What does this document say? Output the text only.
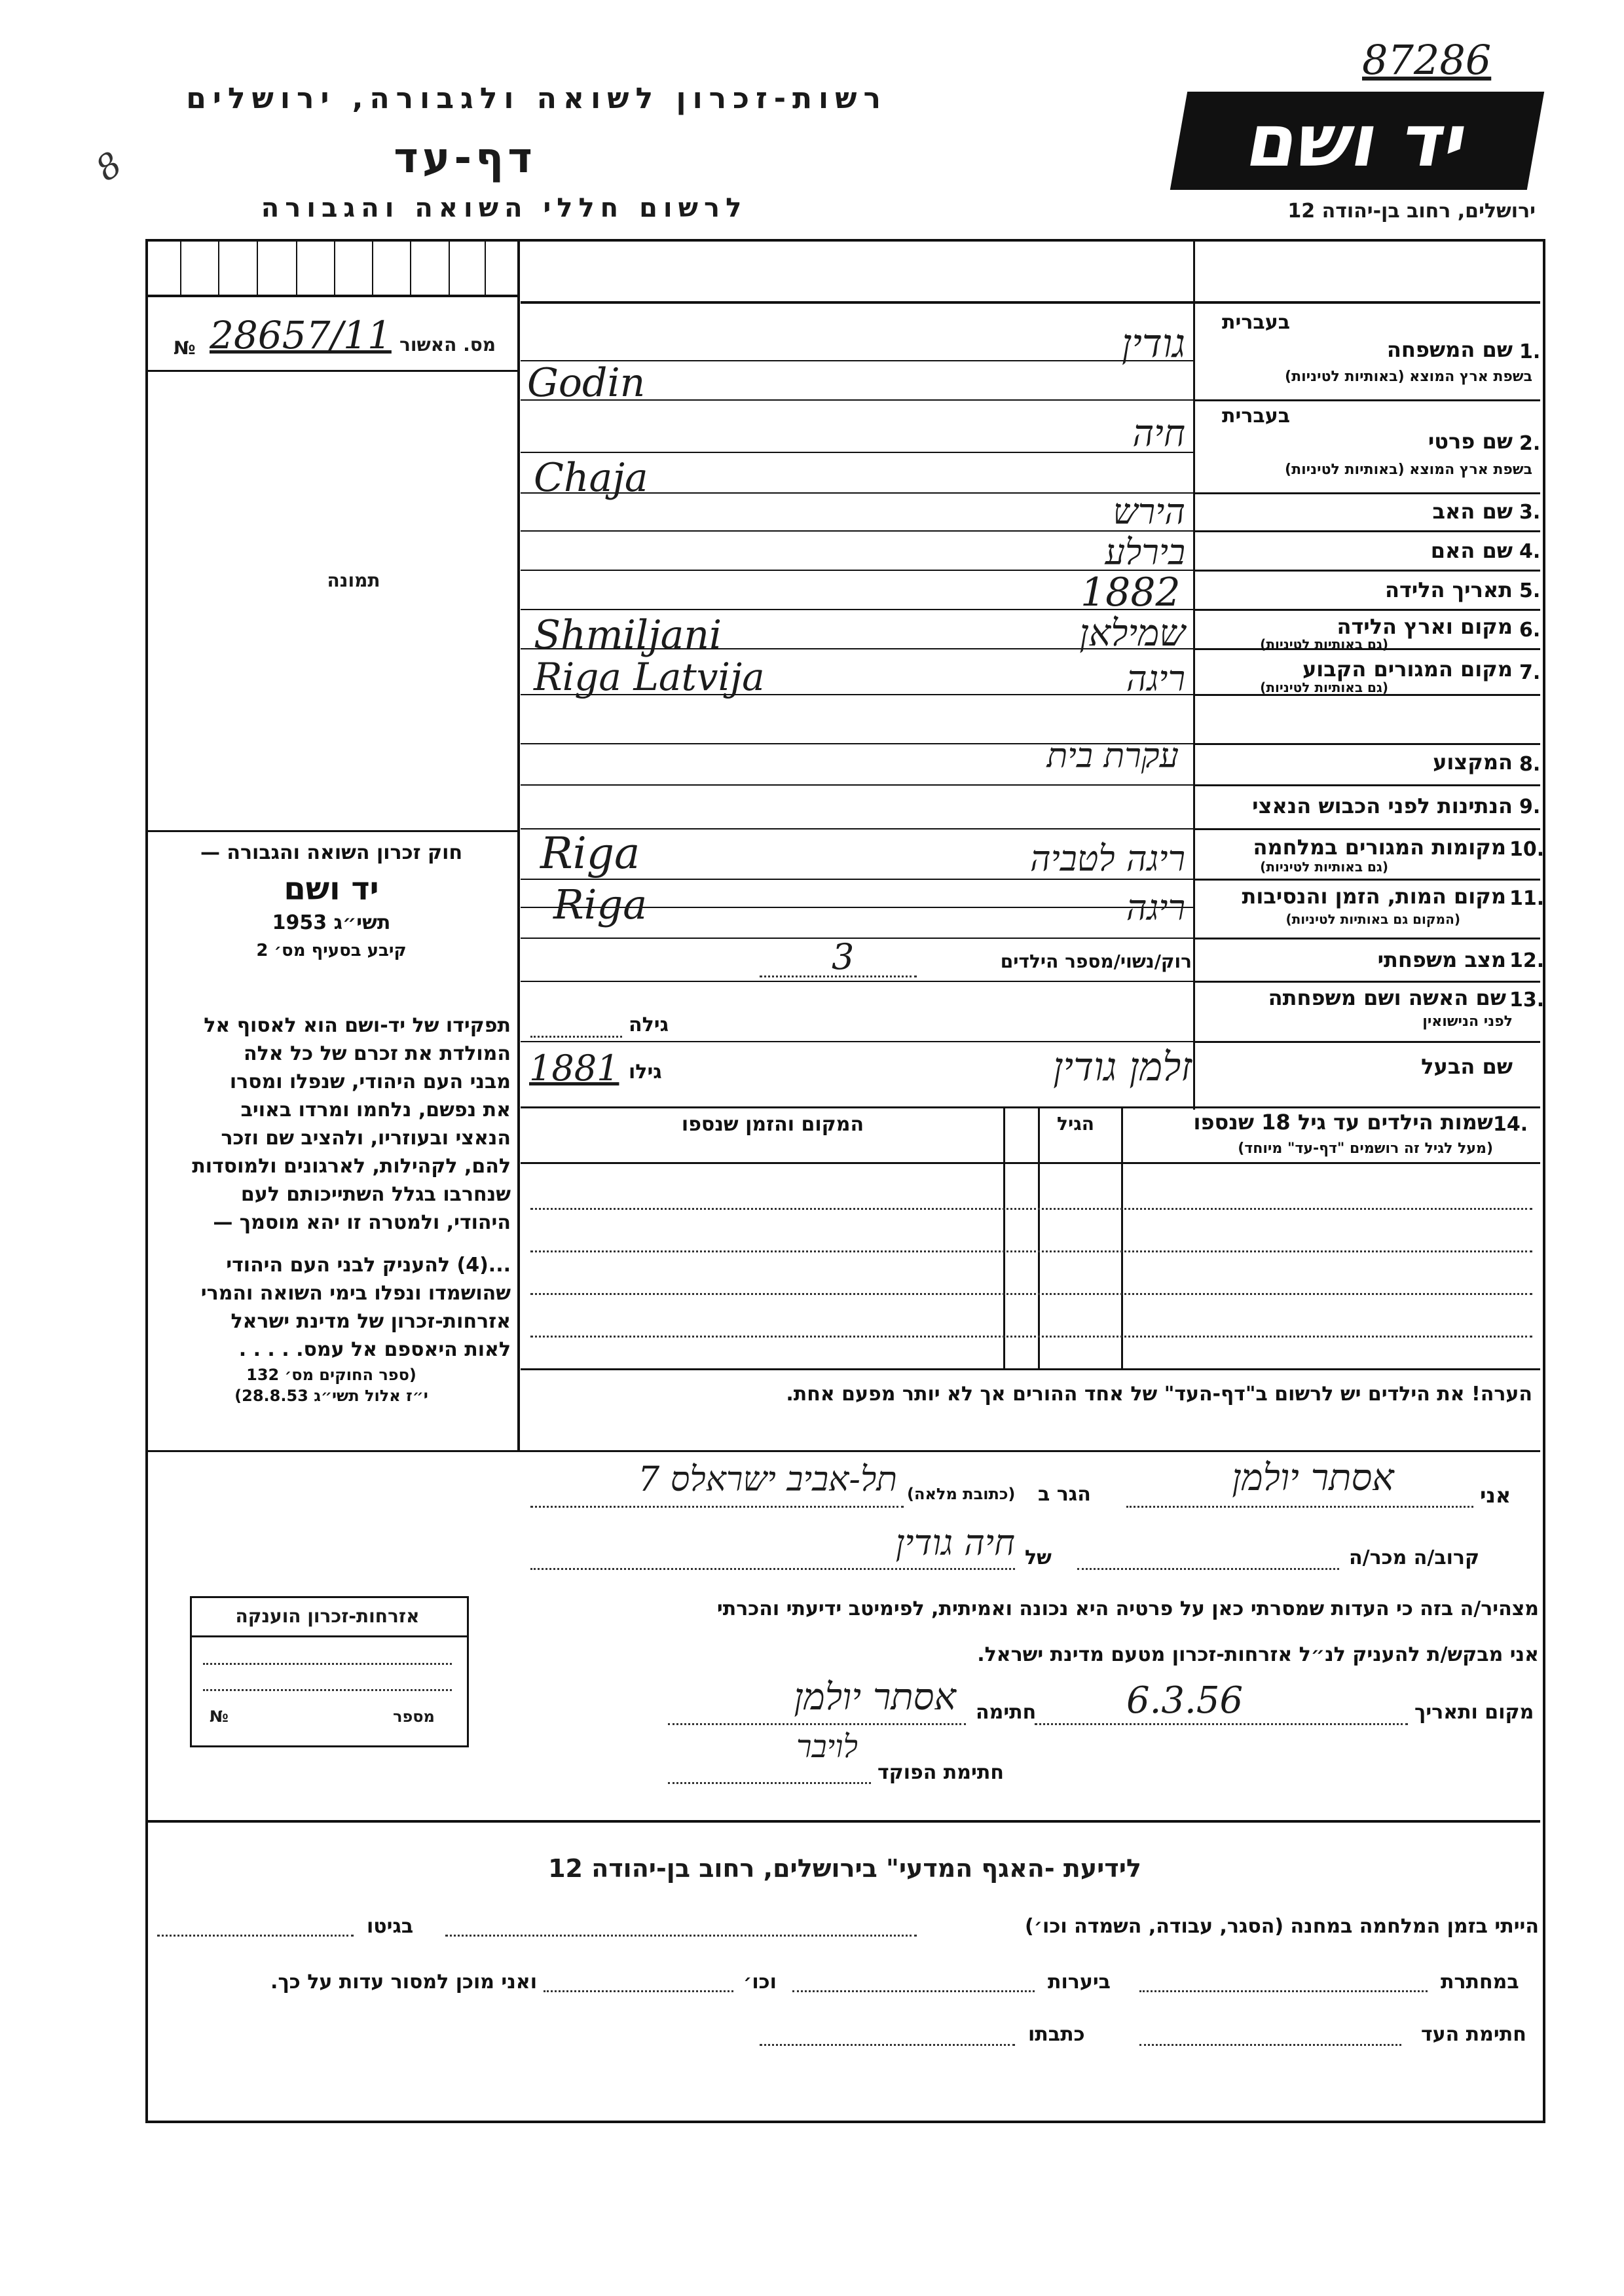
87286
רשות-זכרון לשואה ולגבורה, ירושלים
דף-עד
לרשום חללי השואה והגבורה
8	יד ושם
ירושלים, רחוב בן-יהודה 12
מס. האשור
28657/11
№
תמונה
חוק זכרון השואה והגבורה —
יד ושם
תשי״ג 1953
קיבע בסעיף מס׳ 2
תפקידו של יד-ושם הוא לאסוף אל
המולדת את זכרם של כל אלה
מבני העם היהודי, שנפלו ומסרו
את נפשם, נלחמו ומרדו באויב
הנאצי ובעוזריו, ולהציב שם וזכר
להם, לקהילות, לארגונים ולמוסדות
שנחרבו בגלל השתייכותם לעם
היהודי, ולמטרה זו יהא מוסמך —
...(4) להעניק לבני העם היהודי
שהושמדו ונפלו בימי השואה והמרי
אזרחות-זכרון של מדינת ישראל
לאות היאספם אל עמס. . . . .
(ספר החוקים מס׳ 132
י״ז אלול תשי״ג 28.8.53)
אזרחות-זכרון הוענקה
מספר
№
1.
בעברית
שם המשפחה
בשפת ארץ המוצא (באותיות לטיניות)
גודין
Godin
2.
בעברית
שם פרטי
בשפת ארץ המוצא (באותיות לטיניות)
חיה
Chaja
3.
שם האב
הירש
4.
שם האם
בירלע
5.
תאריך הלידה
1882
6.
מקום וארץ הלידה
(גם באותיות לטיניות)
שמילאן
Shmiljani
7.
מקום המגורים הקבוע
(גם באותיות לטיניות)
ריגה
Riga Latvija
8.
המקצוע
עקרת בית
9.
הנתינות לפני הכבוש הנאצי
10.
מקומות המגורים במלחמה
(גם באותיות לטיניות)
ריגה לטביה
Riga
11.
מקום המות, הזמן והנסיבות
(המקום גם באותיות לטיניות)
ריגה
Riga
12.
מצב משפחתי
רוק/נשוי/מספר הילדים
3
13.
שם האשה ושם משפחתה
לפני הנישואין
גילה
שם הבעל
גילו
1881	זלמן גודין
14.
שמות הילדים עד גיל 18 שנספו
(מעל לגיל זה רושמים "דף-עד" מיוחד)
הגיל
המקום והזמן שנספו
הערה! את הילדים יש לרשום ב"דף-העד" של אחד ההורים אך לא יותר מפעם אחת.
אני
אסתר יולמן
הגר ב
(כתובת מלאה)
תל-אביב ישראלס 7
קרוב/ה מכר/ה
של
חיה גודין
מצהיר/ה בזה כי העדות שמסרתי כאן על פרטיה היא נכונה ואמיתית, לפימיטב ידיעתי והכרתי
אני מבקש/ת להעניק לנ״ל אזרחות-זכרון מטעם מדינת ישראל.
מקום ותאריך
6.3.56
חתימה
אסתר יולמן
חתימת הפוקד
לויבר
לידיעת -האגף המדעי" בירושלים, רחוב בן-יהודה 12
הייתי בזמן המלחמה במחנה (הסגר, עבודה, השמדה וכו׳)
בגיטו
במחתרת
ביערות
וכו׳
ואני מוכן למסור עדות על כך.
חתימת העד
כתבתו
